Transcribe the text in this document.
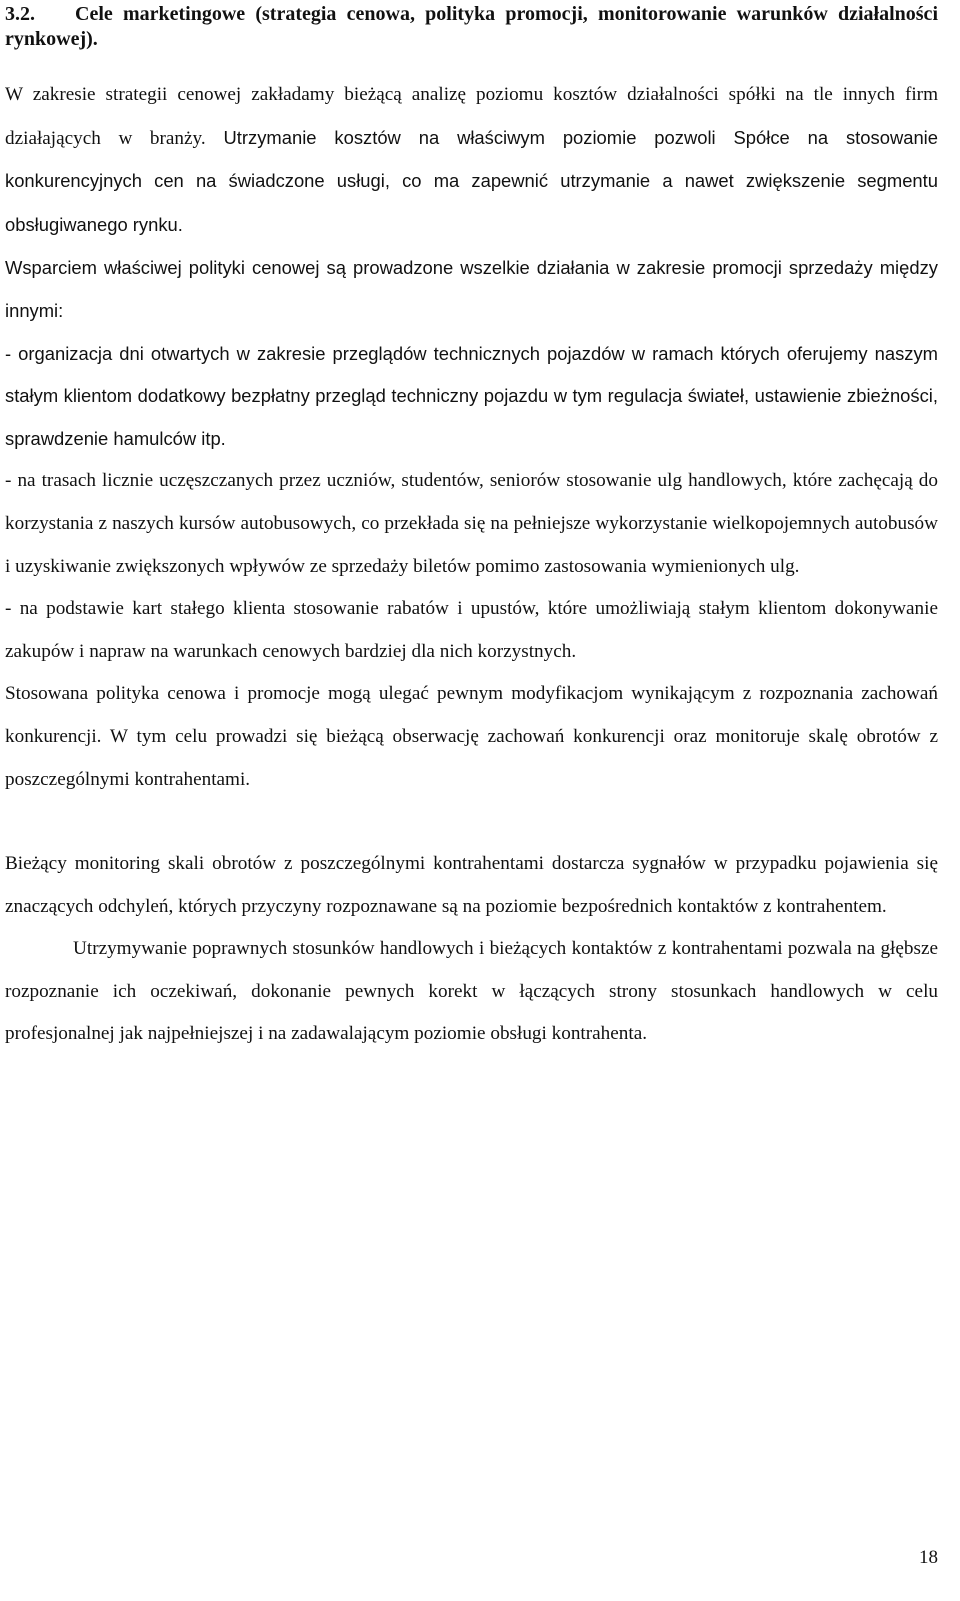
3.2. Cele marketingowe (strategia cenowa, polityka promocji, monitorowanie warunków działalności rynkowej).

W zakresie strategii cenowej zakładamy bieżącą analizę poziomu kosztów działalności spółki na tle innych firm działających w branży. Utrzymanie kosztów na właściwym poziomie pozwoli Spółce na stosowanie konkurencyjnych cen na świadczone usługi, co ma zapewnić utrzymanie a nawet zwiększenie segmentu obsługiwanego rynku.

Wsparciem właściwej polityki cenowej są prowadzone wszelkie działania w zakresie promocji sprzedaży między innymi:

- organizacja dni otwartych w zakresie przeglądów technicznych pojazdów w ramach których oferujemy naszym stałym klientom dodatkowy bezpłatny przegląd techniczny pojazdu w tym regulacja świateł, ustawienie zbieżności, sprawdzenie hamulców itp.

- na trasach licznie uczęszczanych przez uczniów, studentów, seniorów stosowanie ulg handlowych, które zachęcają do korzystania z naszych kursów autobusowych, co przekłada się na pełniejsze wykorzystanie wielkopojemnych autobusów i uzyskiwanie zwiększonych wpływów ze sprzedaży biletów pomimo zastosowania wymienionych ulg.

- na podstawie kart stałego klienta stosowanie rabatów i upustów, które umożliwiają stałym klientom dokonywanie zakupów i napraw na warunkach cenowych bardziej dla nich korzystnych.

Stosowana polityka cenowa i promocje mogą ulegać pewnym modyfikacjom wynikającym z rozpoznania zachowań konkurencji. W tym celu prowadzi się bieżącą obserwację zachowań konkurencji oraz monitoruje skalę obrotów z poszczególnymi kontrahentami.

Bieżący monitoring skali obrotów z poszczególnymi kontrahentami dostarcza sygnałów w przypadku pojawienia się znaczących odchyleń, których przyczyny rozpoznawane są na poziomie bezpośrednich kontaktów z kontrahentem.

Utrzymywanie poprawnych stosunków handlowych i bieżących kontaktów z kontrahentami pozwala na głębsze rozpoznanie ich oczekiwań, dokonanie pewnych korekt w łączących strony stosunkach handlowych w celu profesjonalnej jak najpełniejszej i na zadawalającym poziomie obsługi kontrahenta.

18
